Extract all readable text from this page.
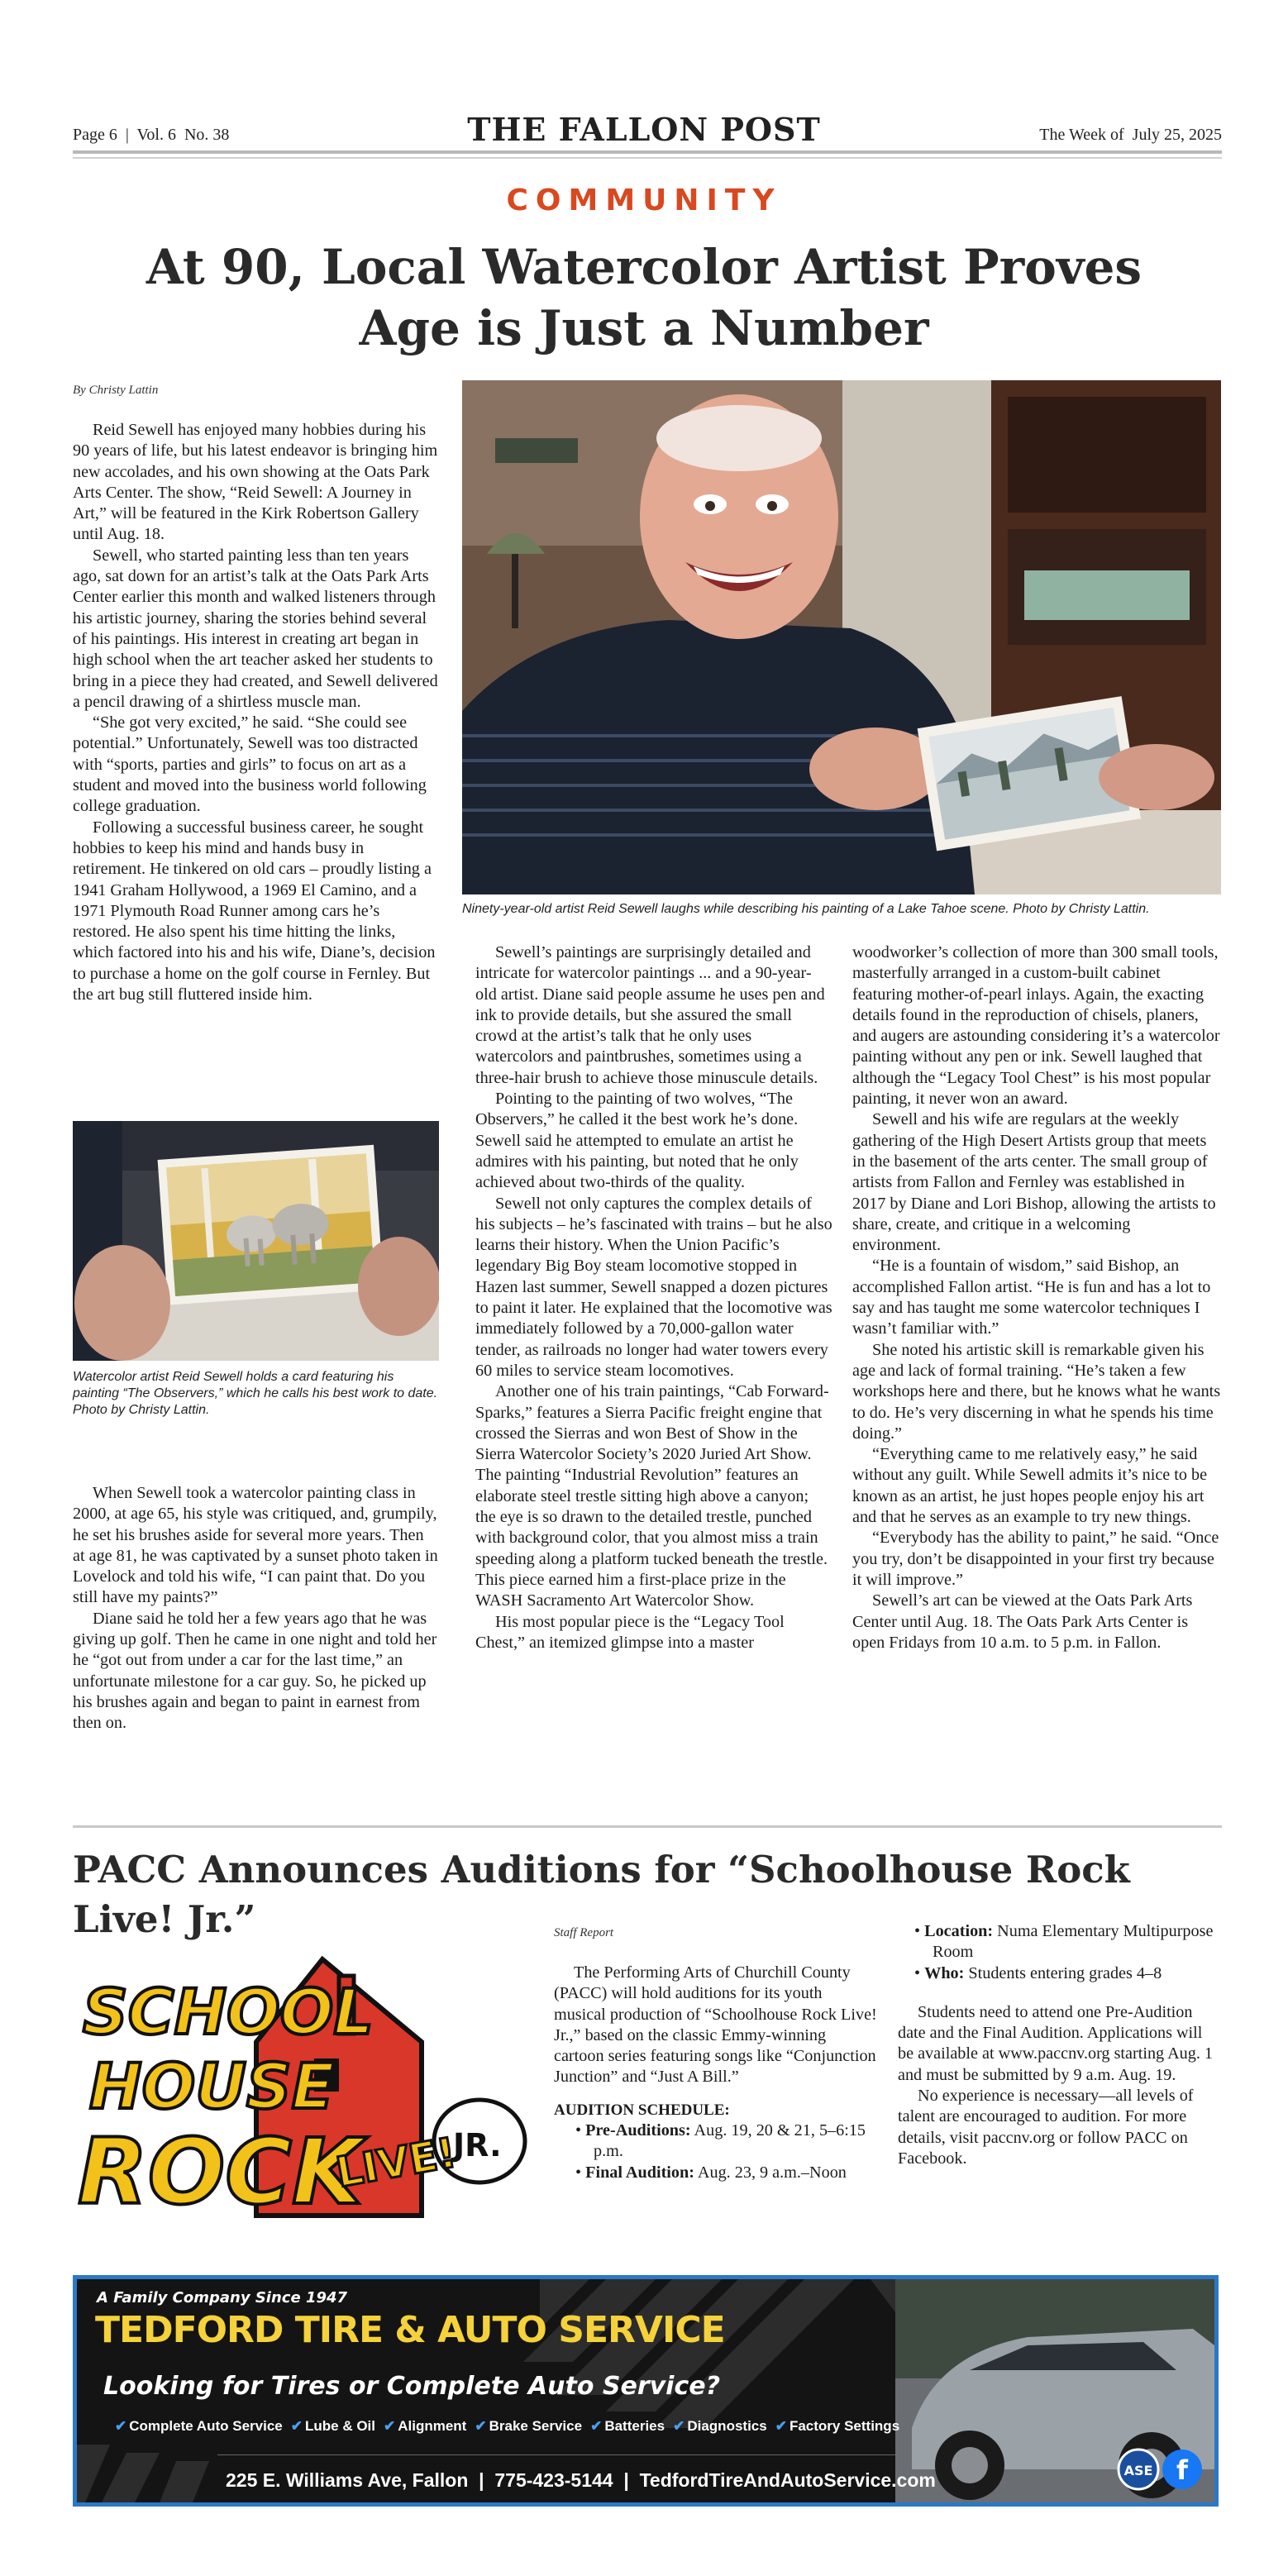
Page 6  |  Vol. 6  No. 38	THE FALLON POST	The Week of July 25, 2025
COMMUNITY
At 90, Local Watercolor Artist Proves
Age is Just a Number
By Christy Lattin

Reid Sewell has enjoyed many hobbies during his 90 years of life, but his latest endeavor is bringing him new accolades, and his own showing at the Oats Park Arts Center. The show, “Reid Sewell: A Journey in Art,” will be featured in the Kirk Robertson Gallery until Aug. 18.

Sewell, who started painting less than ten years ago, sat down for an artist’s talk at the Oats Park Arts Center earlier this month and walked listeners through his artistic journey, sharing the stories behind several of his paintings. His interest in creating art began in high school when the art teacher asked her students to bring in a piece they had created, and Sewell delivered a pencil drawing of a shirtless muscle man.

“She got very excited,” he said. “She could see potential.” Unfortunately, Sewell was too distracted with “sports, parties and girls” to focus on art as a student and moved into the business world following college graduation.

Following a successful business career, he sought hobbies to keep his mind and hands busy in retirement. He tinkered on old cars – proudly listing a 1941 Graham Hollywood, a 1969 El Camino, and a 1971 Plymouth Road Runner among cars he’s restored. He also spent his time hitting the links, which factored into his and his wife, Diane’s, decision to purchase a home on the golf course in Fernley. But the art bug still fluttered inside him.

Watercolor artist Reid Sewell holds a card featuring his painting “The Observers,” which he calls his best work to date. Photo by Christy Lattin.

When Sewell took a watercolor painting class in 2000, at age 65, his style was critiqued, and, grumpily, he set his brushes aside for several more years. Then at age 81, he was captivated by a sunset photo taken in Lovelock and told his wife, “I can paint that. Do you still have my paints?”

Diane said he told her a few years ago that he was giving up golf. Then he came in one night and told her he “got out from under a car for the last time,” an unfortunate milestone for a car guy. So, he picked up his brushes again and began to paint in earnest from then on.

Ninety-year-old artist Reid Sewell laughs while describing his painting of a Lake Tahoe scene. Photo by Christy Lattin.

Sewell’s paintings are surprisingly detailed and intricate for watercolor paintings ... and a 90-year-old artist. Diane said people assume he uses pen and ink to provide details, but she assured the small crowd at the artist’s talk that he only uses watercolors and paintbrushes, sometimes using a three-hair brush to achieve those minuscule details.

Pointing to the painting of two wolves, “The Observers,” he called it the best work he’s done. Sewell said he attempted to emulate an artist he admires with his painting, but noted that he only achieved about two-thirds of the quality.

Sewell not only captures the complex details of his subjects – he’s fascinated with trains – but he also learns their history. When the Union Pacific’s legendary Big Boy steam locomotive stopped in Hazen last summer, Sewell snapped a dozen pictures to paint it later. He explained that the locomotive was immediately followed by a 70,000-gallon water tender, as railroads no longer had water towers every 60 miles to service steam locomotives.

Another one of his train paintings, “Cab Forward-Sparks,” features a Sierra Pacific freight engine that crossed the Sierras and won Best of Show in the Sierra Watercolor Society’s 2020 Juried Art Show. The painting “Industrial Revolution” features an elaborate steel trestle sitting high above a canyon; the eye is so drawn to the detailed trestle, punched with background color, that you almost miss a train speeding along a platform tucked beneath the trestle. This piece earned him a first-place prize in the WASH Sacramento Art Watercolor Show.

His most popular piece is the “Legacy Tool Chest,” an itemized glimpse into a master

woodworker’s collection of more than 300 small tools, masterfully arranged in a custom-built cabinet featuring mother-of-pearl inlays. Again, the exacting details found in the reproduction of chisels, planers, and augers are astounding considering it’s a watercolor painting without any pen or ink. Sewell laughed that although the “Legacy Tool Chest” is his most popular painting, it never won an award.

Sewell and his wife are regulars at the weekly gathering of the High Desert Artists group that meets in the basement of the arts center. The small group of artists from Fallon and Fernley was established in 2017 by Diane and Lori Bishop, allowing the artists to share, create, and critique in a welcoming environment.

“He is a fountain of wisdom,” said Bishop, an accomplished Fallon artist. “He is fun and has a lot to say and has taught me some watercolor techniques I wasn’t familiar with.”

She noted his artistic skill is remarkable given his age and lack of formal training. “He’s taken a few workshops here and there, but he knows what he wants to do. He’s very discerning in what he spends his time doing.”

“Everything came to me relatively easy,” he said without any guilt. While Sewell admits it’s nice to be known as an artist, he just hopes people enjoy his art and that he serves as an example to try new things.

“Everybody has the ability to paint,” he said. “Once you try, don’t be disappointed in your first try because it will improve.”

Sewell’s art can be viewed at the Oats Park Arts Center until Aug. 18. The Oats Park Arts Center is open Fridays from 10 a.m. to 5 p.m. in Fallon.

PACC Announces Auditions for “Schoolhouse Rock Live! Jr.”
SCHOOL
HOUSE
ROCK
LIVE!
JR.
Staff Report

The Performing Arts of Churchill County (PACC) will hold auditions for its youth musical production of “Schoolhouse Rock Live! Jr.,” based on the classic Emmy-winning cartoon series featuring songs like “Conjunction Junction” and “Just A Bill.”

AUDITION SCHEDULE:
• Pre-Auditions: Aug. 19, 20 & 21, 5–6:15 p.m.
• Final Audition: Aug. 23, 9 a.m.–Noon
• Location: Numa Elementary Multipurpose Room
• Who: Students entering grades 4–8

Students need to attend one Pre-Audition date and the Final Audition. Applications will be available at www.paccnv.org starting Aug. 1 and must be submitted by 9 a.m. Aug. 19.

No experience is necessary—all levels of talent are encouraged to audition. For more details, visit paccnv.org or follow PACC on Facebook.

ASE f
A Family Company Since 1947
TEDFORD TIRE & AUTO SERVICE
Looking for Tires or Complete Auto Service?
✔ Complete Auto Service ✔ Lube & Oil ✔ Alignment ✔ Brake Service ✔ Batteries ✔ Diagnostics ✔ Factory Settings
225 E. Williams Ave, Fallon  |  775-423-5144  |  TedfordTireAndAutoService.com
